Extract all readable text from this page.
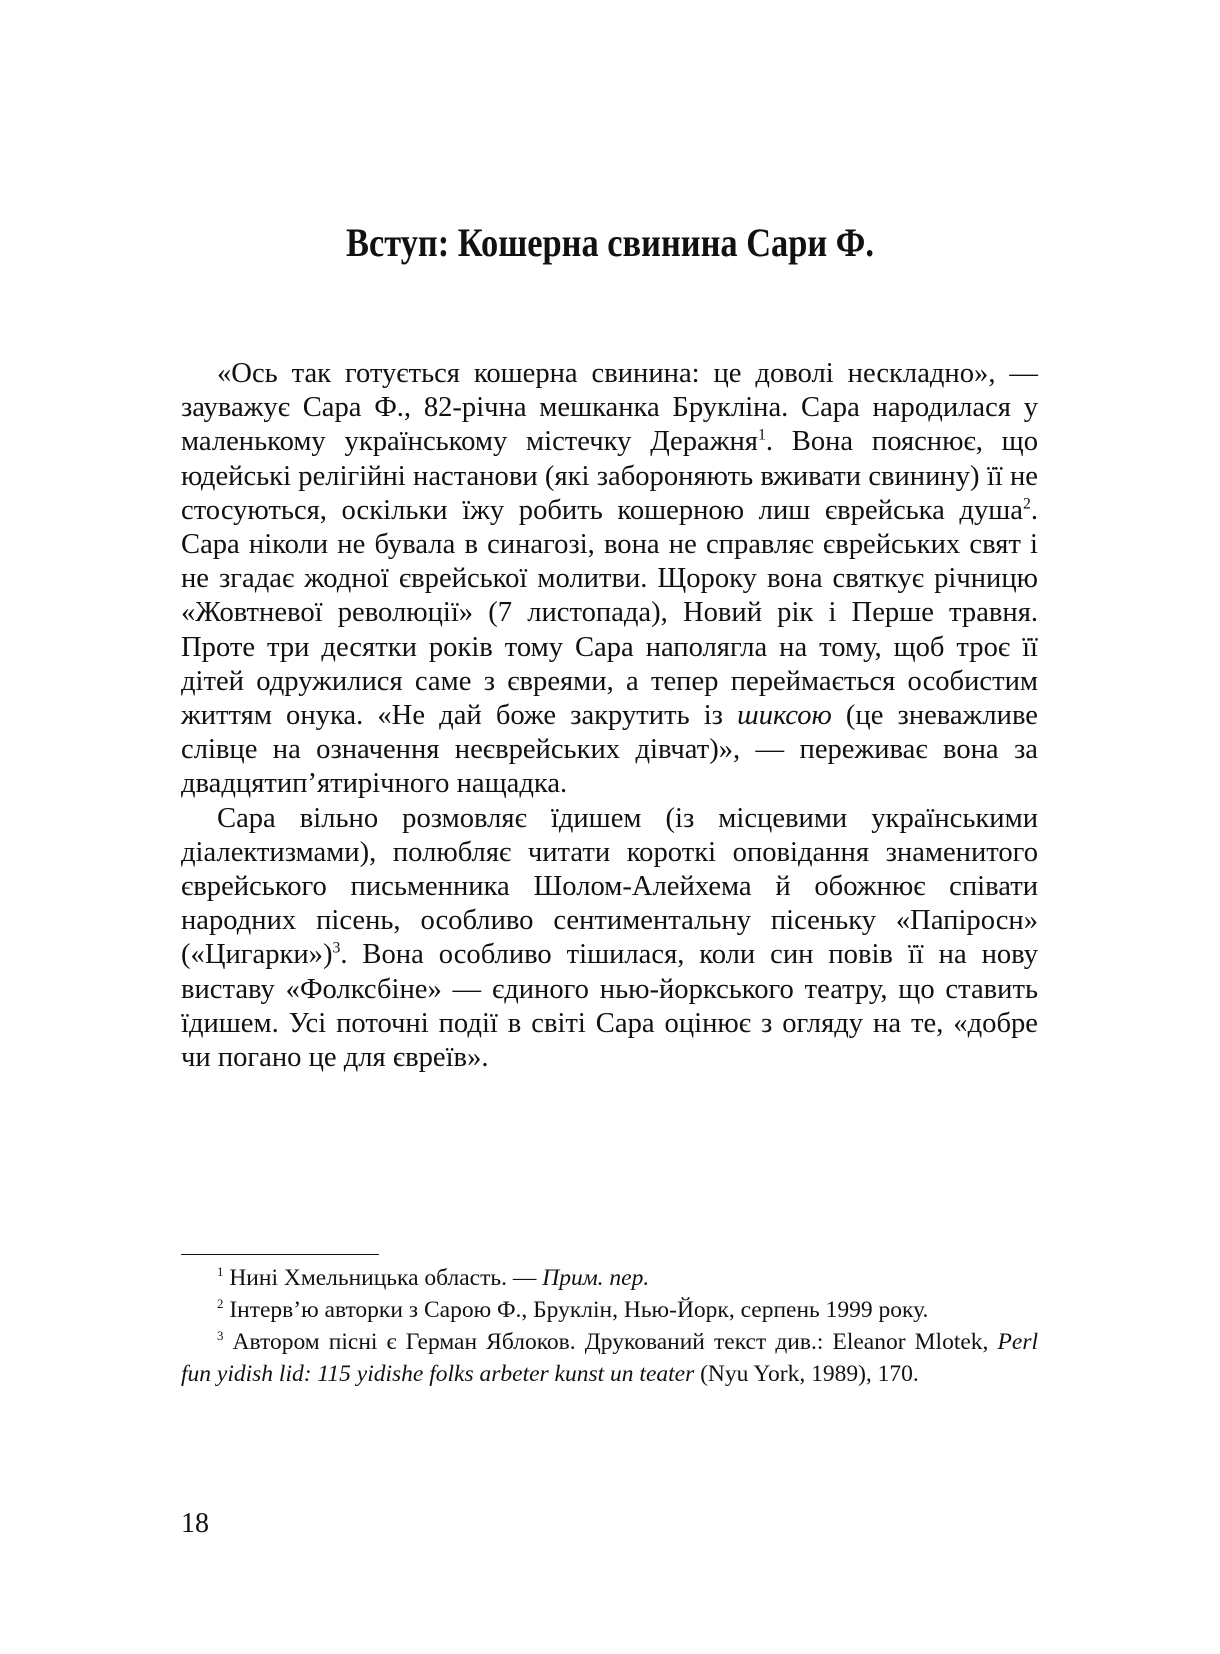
Вступ: Кошерна свинина Сари Ф.

«Ось так готується кошерна свинина: це доволі нескладно», — зауважує Сара Ф., 82-річна мешканка Брукліна. Сара народилася у маленькому українському містечку Деражня$^1$. Вона пояснює, що юдейські релігійні настанови (які забороняють вживати свинину) її не стосуються, оскільки їжу робить кошерною лиш єврейська душа$^2$. Сара ніколи не бувала в синагозі, вона не справляє єврейських свят і не згадає жодної єврейської молитви. Щороку вона святкує річницю «Жовтневої революції» (7 листопада), Новий рік і Перше травня. Проте три десятки років тому Сара наполягла на тому, щоб троє її дітей одружилися саме з євреями, а тепер переймається особистим життям онука. «Не дай боже закрутить із шиксою (це зневажливе слівце на означення неєврейських дівчат)», — переживає вона за двадцятип’ятирічного нащадка.

Сара вільно розмовляє їдишем (із місцевими українськими діалектизмами), полюбляє читати короткі оповідання знаменитого єврейського письменника Шолом-Алейхема й обожнює співати народних пісень, особливо сентиментальну пісеньку «Папіросн» («Цигарки»)$^3$. Вона особливо тішилася, коли син повів її на нову виставу «Фолксбіне» — єдиного нью-йоркського театру, що ставить їдишем. Усі поточні події в світі Сара оцінює з огляду на те, «добре чи погано це для євреїв».

$^1$ Нині Хмельницька область. — Прим. пер.

$^2$ Інтерв’ю авторки з Сарою Ф., Бруклін, Нью-Йорк, серпень 1999 року.

$^3$ Автором пісні є Герман Яблоков. Друкований текст див.: Eleanor Mlotek, Perl fun yidish lid: 115 yidishe folks arbeter kunst un teater (Nyu York, 1989), 170.

18
